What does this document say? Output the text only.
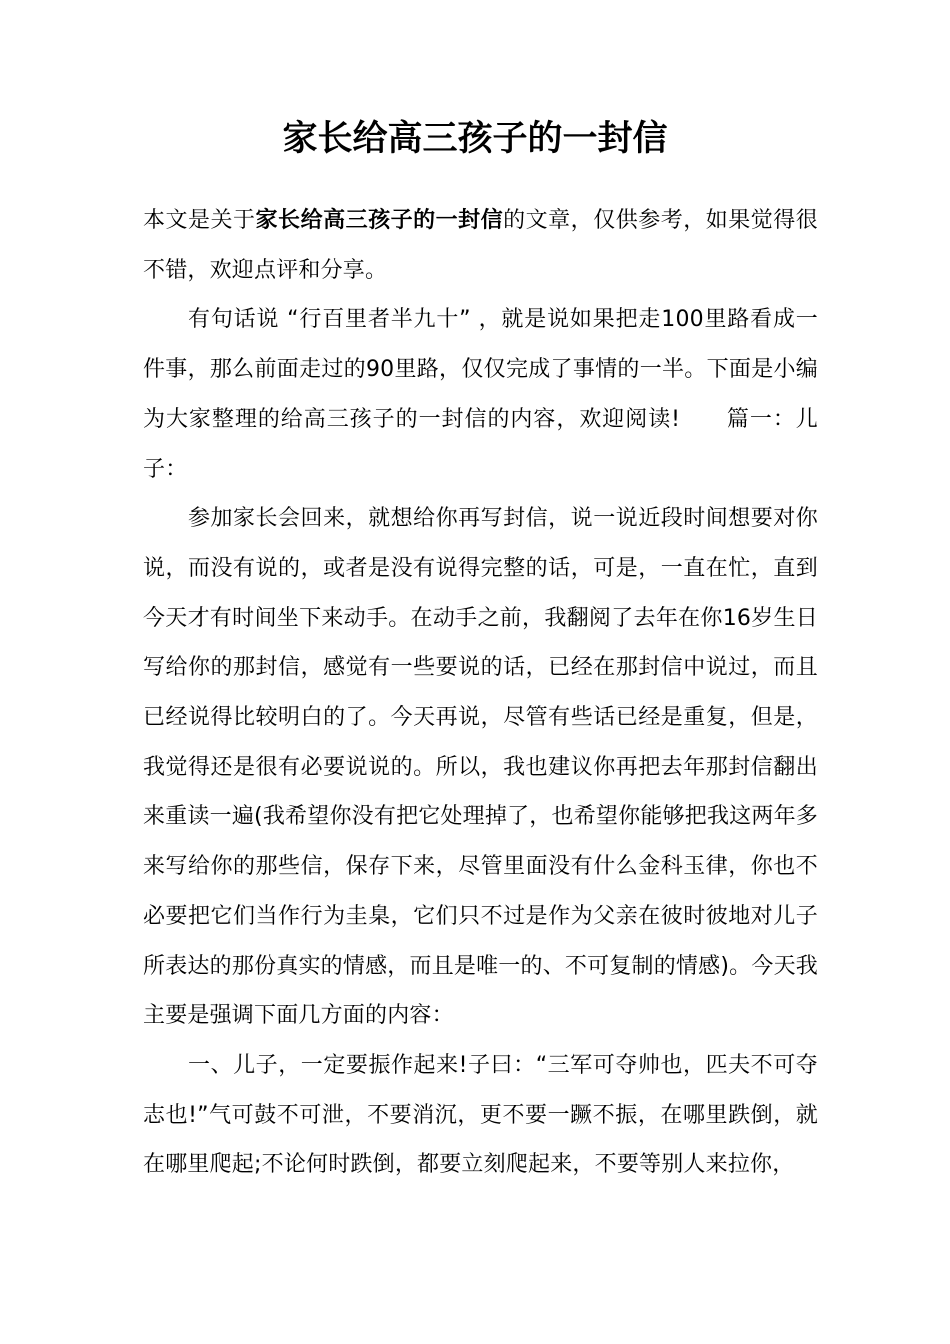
家长给高三孩子的一封信

本文是关于家长给高三孩子的一封信的文章，仅供参考，如果觉得很不错，欢迎点评和分享。

有句话说 “行百里者半九十” ，就是说如果把走100里路看成一件事，那么前面走过的90里路，仅仅完成了事情的一半。下面是小编为大家整理的给高三孩子的一封信的内容，欢迎阅读!　　篇一：儿子：

参加家长会回来，就想给你再写封信，说一说近段时间想要对你说，而没有说的，或者是没有说得完整的话，可是，一直在忙，直到今天才有时间坐下来动手。在动手之前，我翻阅了去年在你16岁生日写给你的那封信，感觉有一些要说的话，已经在那封信中说过，而且已经说得比较明白的了。今天再说，尽管有些话已经是重复，但是，我觉得还是很有必要说说的。所以，我也建议你再把去年那封信翻出来重读一遍(我希望你没有把它处理掉了，也希望你能够把我这两年多来写给你的那些信，保存下来，尽管里面没有什么金科玉律，你也不必要把它们当作行为圭臬，它们只不过是作为父亲在彼时彼地对儿子所表达的那份真实的情感，而且是唯一的、不可复制的情感)。今天我主要是强调下面几方面的内容：

一、儿子，一定要振作起来!子曰：“三军可夺帅也，匹夫不可夺志也!”气可鼓不可泄，不要消沉，更不要一蹶不振，在哪里跌倒，就在哪里爬起;不论何时跌倒，都要立刻爬起来，不要等别人来拉你，
